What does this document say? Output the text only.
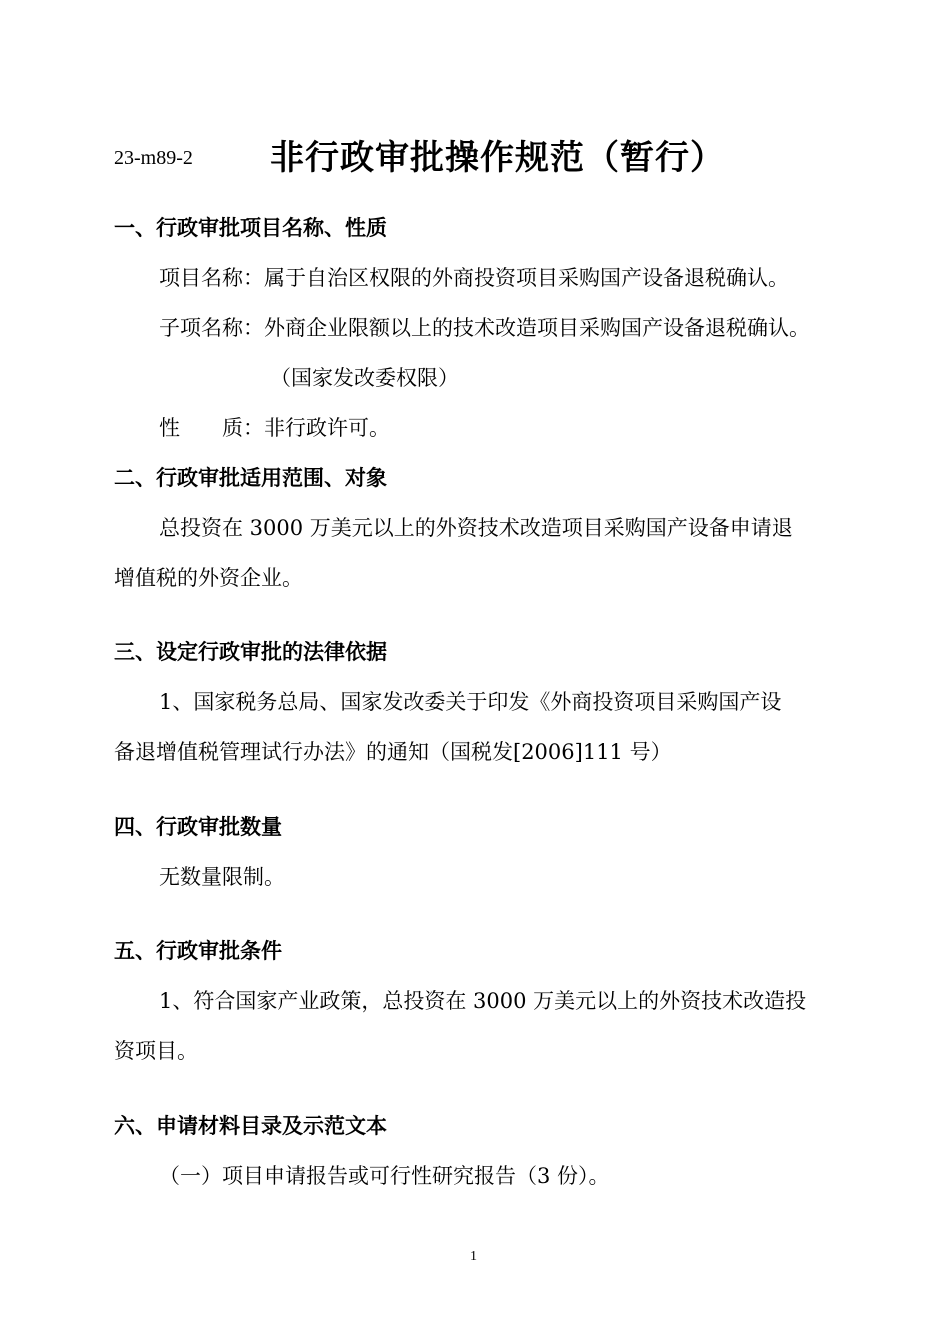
23-m89-2 非行政审批操作规范（暂行）
一、行政审批项目名称、性质
项目名称：属于自治区权限的外商投资项目采购国产设备退税确认。
子项名称：外商企业限额以上的技术改造项目采购国产设备退税确认。
（国家发改委权限）
性　　质：非行政许可。
二、行政审批适用范围、对象
总投资在 3000 万美元以上的外资技术改造项目采购国产设备申请退
增值税的外资企业。
三、设定行政审批的法律依据
1、国家税务总局、国家发改委关于印发《外商投资项目采购国产设
备退增值税管理试行办法》的通知（国税发[2006]111 号）
四、行政审批数量
无数量限制。
五、行政审批条件
1、符合国家产业政策，总投资在 3000 万美元以上的外资技术改造投
资项目。
六、申请材料目录及示范文本
（一）项目申请报告或可行性研究报告（3 份）。
1
